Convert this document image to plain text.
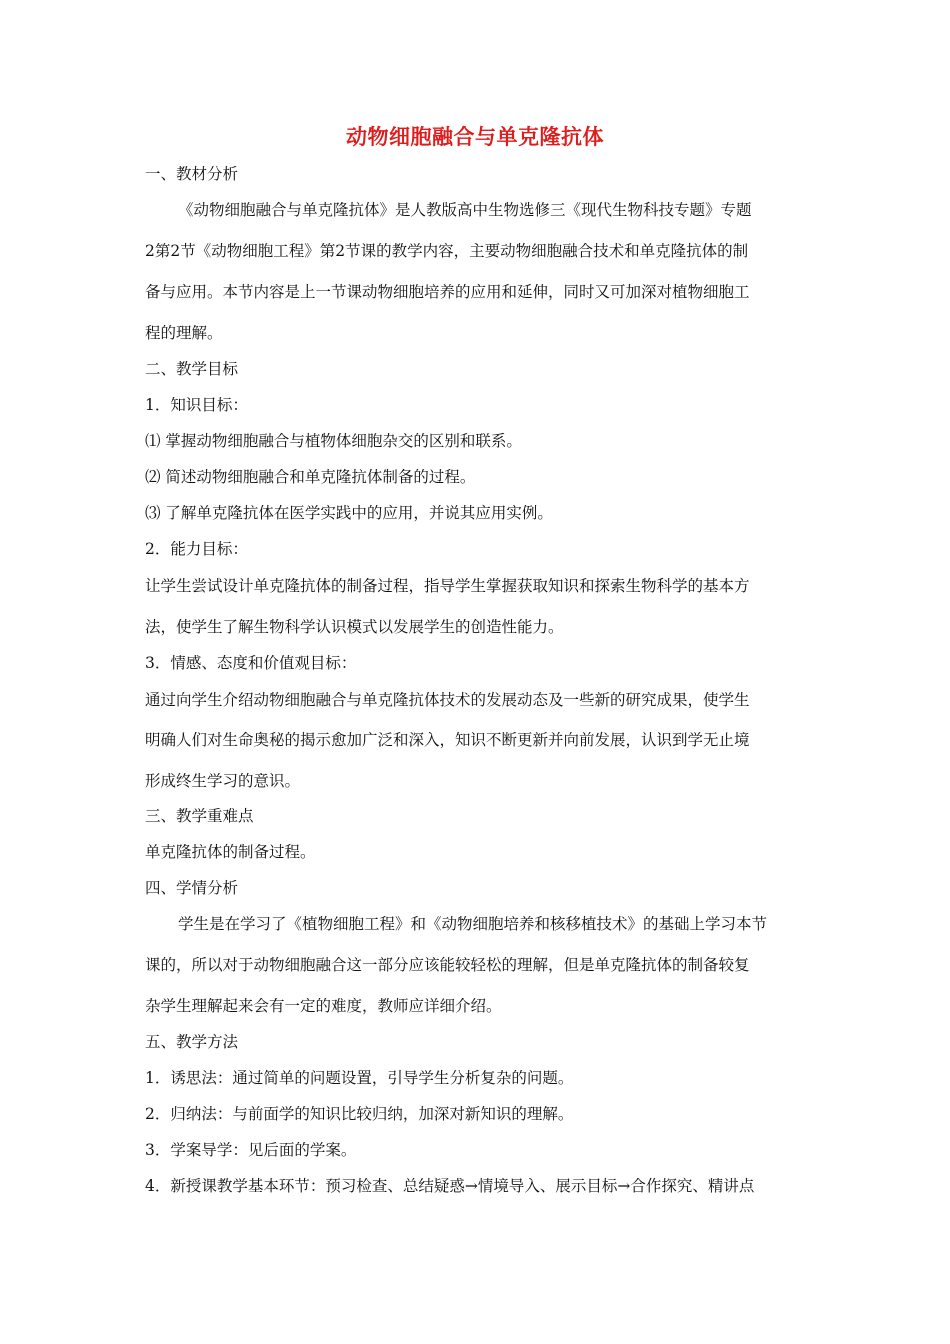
动物细胞融合与单克隆抗体
一、教材分析
《动物细胞融合与单克隆抗体》是人教版高中生物选修三《现代生物科技专题》专题
2第2节《动物细胞工程》第2节课的教学内容，主要动物细胞融合技术和单克隆抗体的制
备与应用。本节内容是上一节课动物细胞培养的应用和延伸，同时又可加深对植物细胞工
程的理解。
二、教学目标
1．知识目标：
⑴ 掌握动物细胞融合与植物体细胞杂交的区别和联系。
⑵ 简述动物细胞融合和单克隆抗体制备的过程。
⑶ 了解单克隆抗体在医学实践中的应用，并说其应用实例。
2．能力目标：
让学生尝试设计单克隆抗体的制备过程，指导学生掌握获取知识和探索生物科学的基本方
法，使学生了解生物科学认识模式以发展学生的创造性能力。
3．情感、态度和价值观目标：
通过向学生介绍动物细胞融合与单克隆抗体技术的发展动态及一些新的研究成果，使学生
明确人们对生命奥秘的揭示愈加广泛和深入，知识不断更新并向前发展，认识到学无止境
形成终生学习的意识。
三、教学重难点
单克隆抗体的制备过程。
四、学情分析
学生是在学习了《植物细胞工程》和《动物细胞培养和核移植技术》的基础上学习本节
课的，所以对于动物细胞融合这一部分应该能较轻松的理解，但是单克隆抗体的制备较复
杂学生理解起来会有一定的难度，教师应详细介绍。
五、教学方法
1．诱思法：通过简单的问题设置，引导学生分析复杂的问题。
2．归纳法：与前面学的知识比较归纳，加深对新知识的理解。
3．学案导学：见后面的学案。
4．新授课教学基本环节：预习检查、总结疑惑→情境导入、展示目标→合作探究、精讲点
